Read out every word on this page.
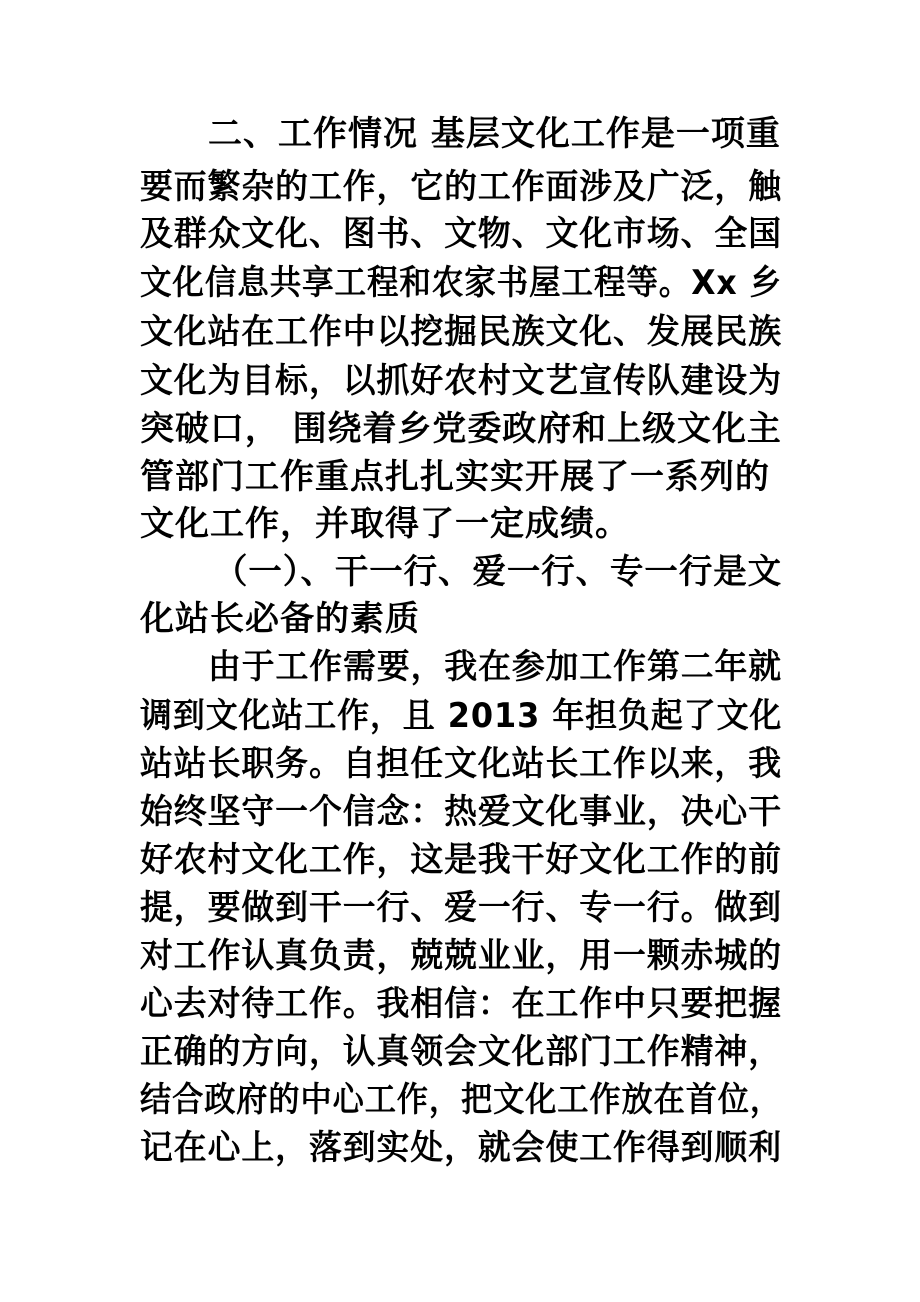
二、工作情况 基层文化工作是一项重
要而繁杂的工作，它的工作面涉及广泛，触
及群众文化、图书、文物、文化市场、全国
文化信息共享工程和农家书屋工程等。Xx 乡
文化站在工作中以挖掘民族文化、发展民族
文化为目标，以抓好农村文艺宣传队建设为
突破口， 围绕着乡党委政府和上级文化主
管部门工作重点扎扎实实开展了一系列的
文化工作，并取得了一定成绩。
（一）、干一行、爱一行、专一行是文
化站长必备的素质
由于工作需要，我在参加工作第二年就
调到文化站工作，且 2013 年担负起了文化
站站长职务。自担任文化站长工作以来，我
始终坚守一个信念：热爱文化事业，决心干
好农村文化工作，这是我干好文化工作的前
提，要做到干一行、爱一行、专一行。做到
对工作认真负责，兢兢业业，用一颗赤城的
心去对待工作。我相信：在工作中只要把握
正确的方向，认真领会文化部门工作精神，
结合政府的中心工作，把文化工作放在首位，
记在心上，落到实处，就会使工作得到顺利
